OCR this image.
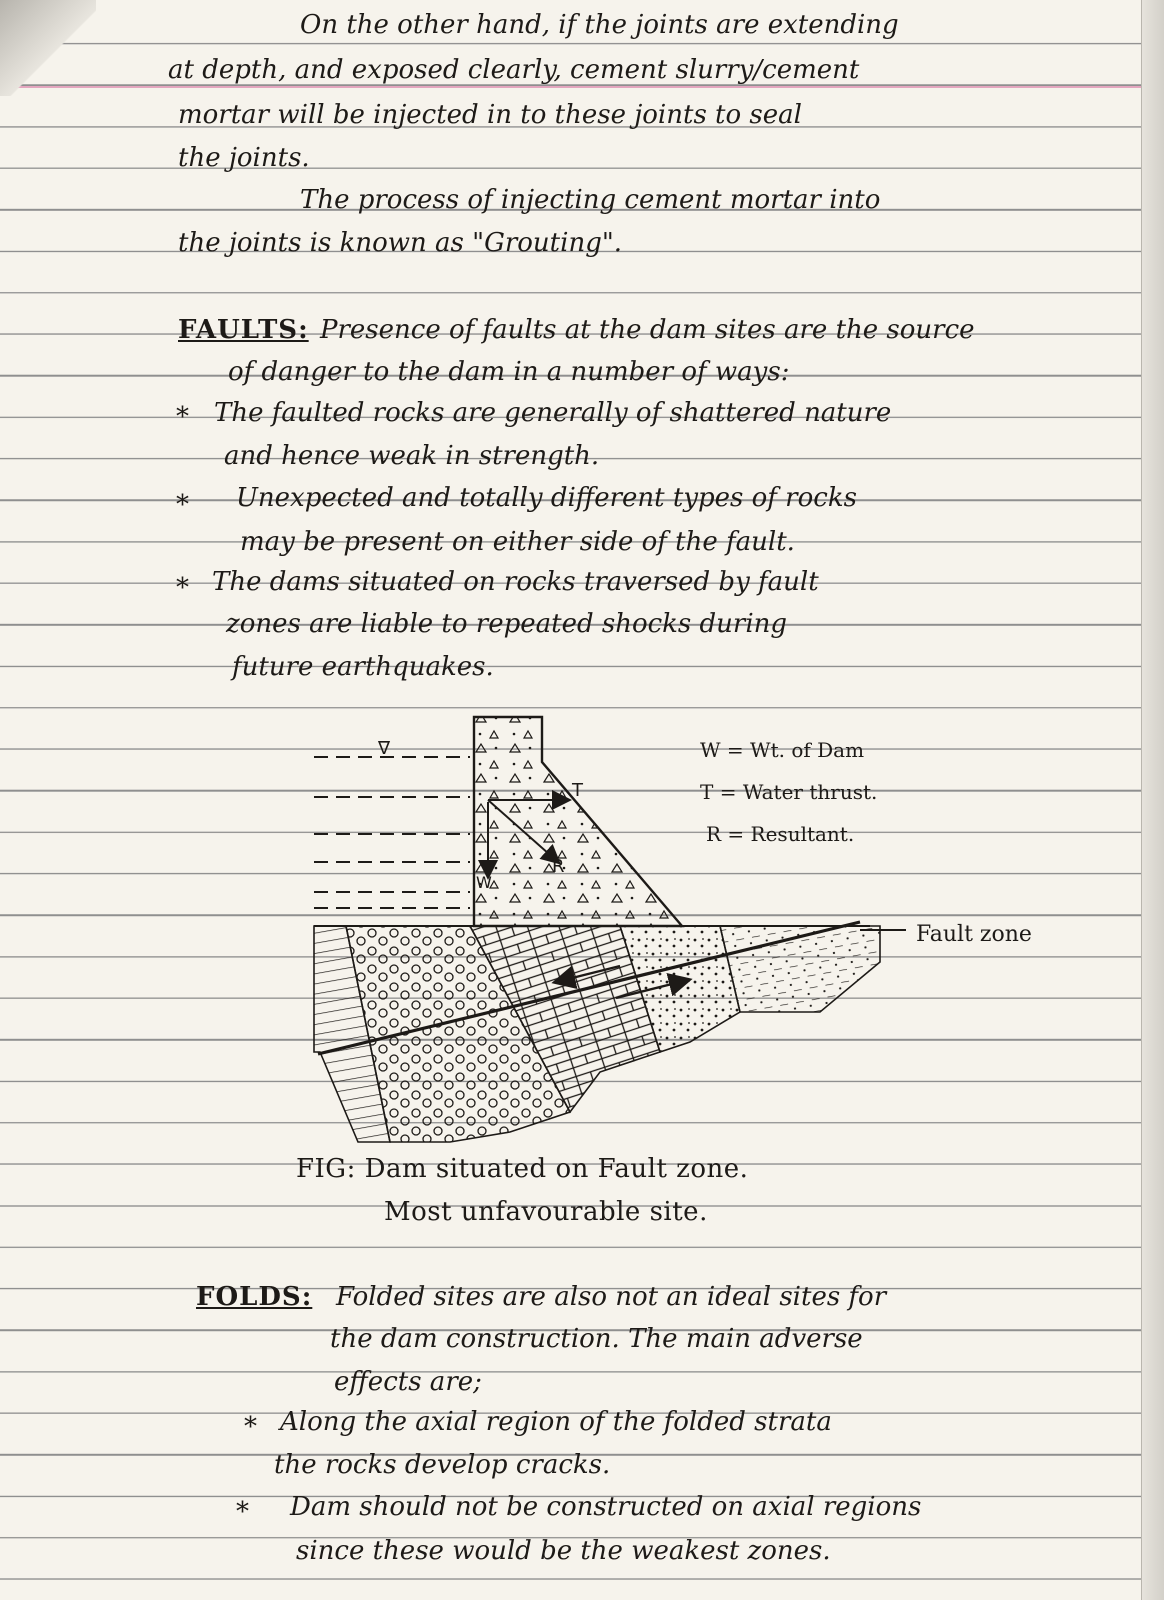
On the other hand, if the joints are extending
at depth, and exposed clearly, cement slurry/cement
mortar will be injected in to these joints to seal
the joints.
The process of injecting cement mortar into
the joints is known as "Grouting".
FAULTS: Presence of faults at the dam sites are the source
of danger to the dam in a number of ways:
* The faulted rocks are generally of shattered nature
and hence weak in strength.
* Unexpected and totally different types of rocks
may be present on either side of the fault.
* The dams situated on rocks traversed by fault
zones are liable to repeated shocks during
future earthquakes.
∇
T
R
W
W = Wt. of Dam
T = Water thrust.
R = Resultant.
Fault zone
FIG: Dam situated on Fault zone.
Most unfavourable site.
FOLDS: Folded sites are also not an ideal sites for
the dam construction. The main adverse
effects are;
* Along the axial region of the folded strata
the rocks develop cracks.
* Dam should not be constructed on axial regions
since these would be the weakest zones.
